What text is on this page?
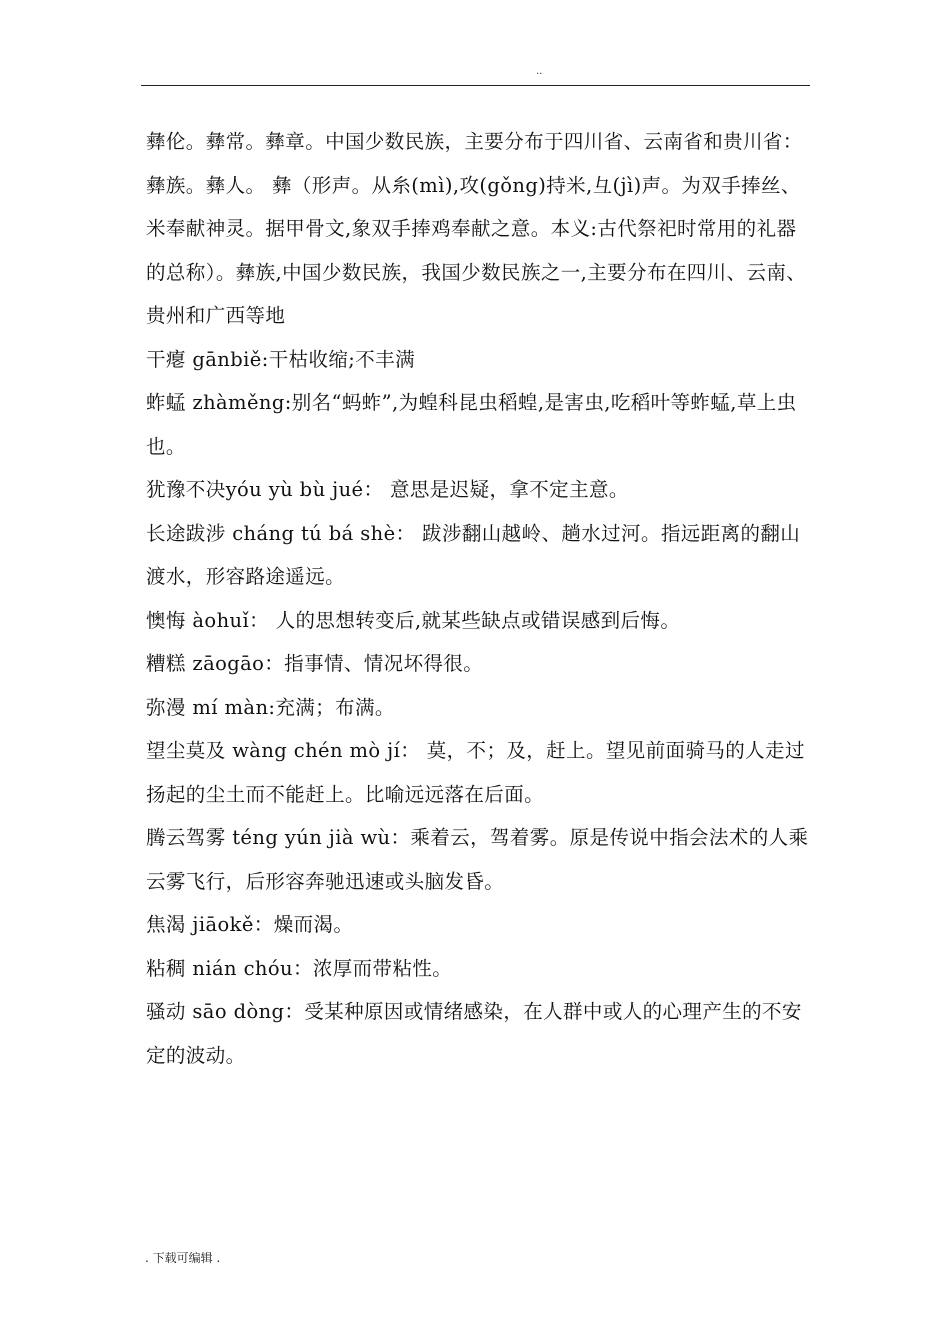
..

彝伦。彝常。彝章。中国少数民族，主要分布于四川省、云南省和贵川省：彝族。彝人。 彝（形声。从糸(mì),攻(gǒng)持米,彑(jì)声。为双手捧丝、米奉献神灵。据甲骨文,象双手捧鸡奉献之意。本义:古代祭祀时常用的礼器的总称）。彝族,中国少数民族，我国少数民族之一,主要分布在四川、云南、贵州和广西等地

干瘪 gānbiě:干枯收缩;不丰满

蚱蜢 zhàměng:别名“蚂蚱”,为蝗科昆虫稻蝗,是害虫,吃稻叶等蚱蜢,草上虫也。

犹豫不决yóu yù bù jué： 意思是迟疑，拿不定主意。

长途跋涉 cháng tú bá shè： 跋涉翻山越岭、趟水过河。指远距离的翻山渡水，形容路途遥远。

懊悔 àohuǐ： 人的思想转变后,就某些缺点或错误感到后悔。

糟糕 zāogāo：指事情、情况坏得很。

弥漫 mí màn:充满；布满。

望尘莫及 wàng chén mò jí： 莫，不；及，赶上。望见前面骑马的人走过扬起的尘土而不能赶上。比喻远远落在后面。

腾云驾雾 téng yún jià wù：乘着云，驾着雾。原是传说中指会法术的人乘云雾飞行，后形容奔驰迅速或头脑发昏。

焦渴 jiāokě：燥而渴。

粘稠 nián chóu：浓厚而带粘性。

骚动 sāo dòng：受某种原因或情绪感染，在人群中或人的心理产生的不安定的波动。

. 下载可编辑 .
